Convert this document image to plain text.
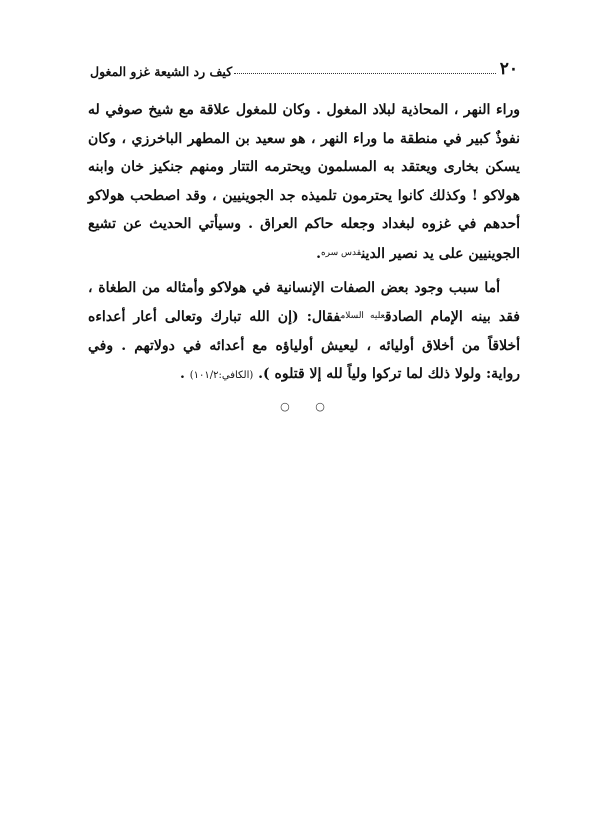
٢٠
كيف رد الشيعة غزو المغول

وراء النهر ، المحاذية لبلاد المغول . وكان للمغول علاقة مع شيخ صوفي له نفوذٌ كبير في منطقة ما وراء النهر ، هو سعيد بن المطهر الباخرزي ، وكان يسكن بخارى ويعتقد به المسلمون ويحترمه التتار ومنهم جنكيز خان وابنه هولاكو ! وكذلك كانوا يحترمون تلميذه جد الجوينيين ، وقد اصطحب هولاكو أحدهم في غزوه لبغداد وجعله حاكم العراق . وسيأتي الحديث عن تشيع الجوينيين على يد نصير الدين$^{قدس سره}$.

أما سبب وجود بعض الصفات الإنسانية في هولاكو وأمثاله من الطغاة ، فقد بينه الإمام الصادق$^{عليه السلام}$فقال: (إن الله تبارك وتعالى أعار أعداءه أخلاقاً من أخلاق أوليائه ، ليعيش أولياؤه مع أعدائه في دولاتهم . وفي رواية: ولولا ذلك لما تركوا ولياً لله إلا قتلوه ). (الكافي:١٠١/٢) .

○ ○
